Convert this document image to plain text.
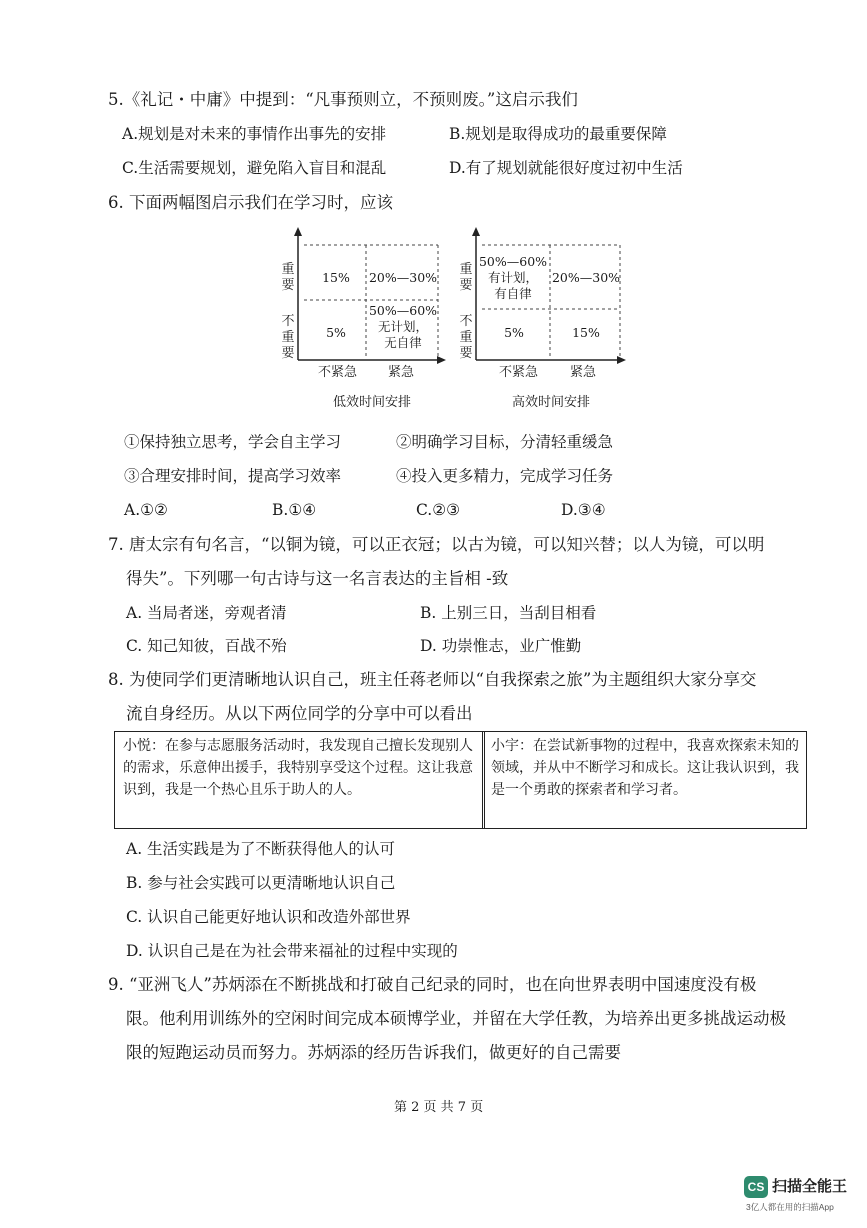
5.《礼记・中庸》中提到：“凡事预则立，不预则废。”这启示我们
A.规划是对未来的事情作出事先的安排	B.规划是取得成功的最重要保障
C.生活需要规划，避免陷入盲目和混乱	D.有了规划就能很好度过初中生活
6. 下面两幅图启示我们在学习时，应该
重要
不重要
15%	20%—30%
5%
50%—60%
无计划，
无自律
不紧急 紧急
低效时间安排
重要
不重要
50%—60%
有计划，
有自律
20%—30%
5%	15%
不紧急 紧急
高效时间安排
①保持独立思考，学会自主学习	②明确学习目标，分清轻重缓急
③合理安排时间，提高学习效率	④投入更多精力，完成学习任务
A.①②	B.①④	C.②③	D.③④
7. 唐太宗有句名言，“以铜为镜，可以正衣冠；以古为镜，可以知兴替；以人为镜，可以明
得失”。下列哪一句古诗与这一名言表达的主旨相 -致
A. 当局者迷，旁观者清	B. 上别三日，当刮目相看
C. 知己知彼，百战不殆	D. 功崇惟志，业广惟勤
8. 为使同学们更清晰地认识自己，班主任蒋老师以“自我探索之旅”为主题组织大家分享交
流自身经历。从以下两位同学的分享中可以看出
小悦：在参与志愿服务活动时，我发现自己擅长发现别人的需求，乐意伸出援手，我特别享受这个过程。这让我意识到，我是一个热心且乐于助人的人。
小宇：在尝试新事物的过程中，我喜欢探索未知的领域，并从中不断学习和成长。这让我认识到，我是一个勇敢的探索者和学习者。
A. 生活实践是为了不断获得他人的认可
B. 参与社会实践可以更清晰地认识自己
C. 认识自己能更好地认识和改造外部世界
D. 认识自己是在为社会带来福祉的过程中实现的
9. “亚洲飞人”苏炳添在不断挑战和打破自己纪录的同时，也在向世界表明中国速度没有极
限。他利用训练外的空闲时间完成本硕博学业，并留在大学任教，为培养出更多挑战运动极
限的短跑运动员而努力。苏炳添的经历告诉我们，做更好的自己需要
第 2 页 共 7 页
CS 扫描全能王
3亿人都在用的扫描App
